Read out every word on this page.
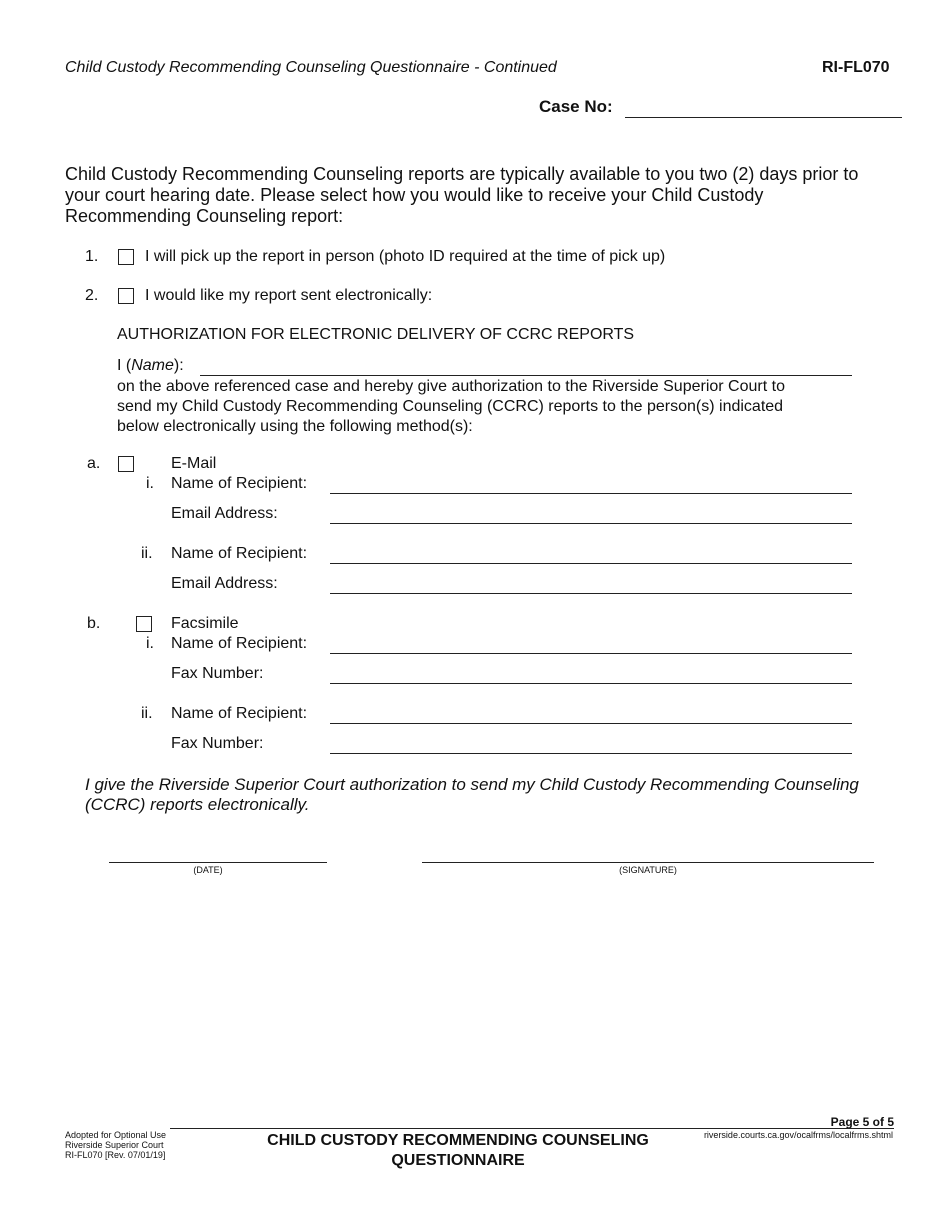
Child Custody Recommending Counseling Questionnaire - Continued	RI-FL070
Case No:
Child Custody Recommending Counseling reports are typically available to you two (2) days prior to
your court hearing date. Please select how you would like to receive your Child Custody
Recommending Counseling report:
1.	I will pick up the report in person (photo ID required at the time of pick up)
2.	I would like my report sent electronically:
AUTHORIZATION FOR ELECTRONIC DELIVERY OF CCRC REPORTS
I (Name):
on the above referenced case and hereby give authorization to the Riverside Superior Court to
send my Child Custody Recommending Counseling (CCRC) reports to the person(s) indicated
below electronically using the following method(s):
a.	E-Mail
i. Name of Recipient:
Email Address:
ii. Name of Recipient:
Email Address:
b.	Facsimile
i. Name of Recipient:
Fax Number:
ii. Name of Recipient:
Fax Number:
I give the Riverside Superior Court authorization to send my Child Custody Recommending Counseling
(CCRC) reports electronically.
(DATE)	(SIGNATURE)
Page 5 of 5
Adopted for Optional Use
Riverside Superior Court
RI-FL070 [Rev. 07/01/19]
CHILD CUSTODY RECOMMENDING COUNSELING
QUESTIONNAIRE
riverside.courts.ca.gov/ocalfrms/localfrms.shtml
